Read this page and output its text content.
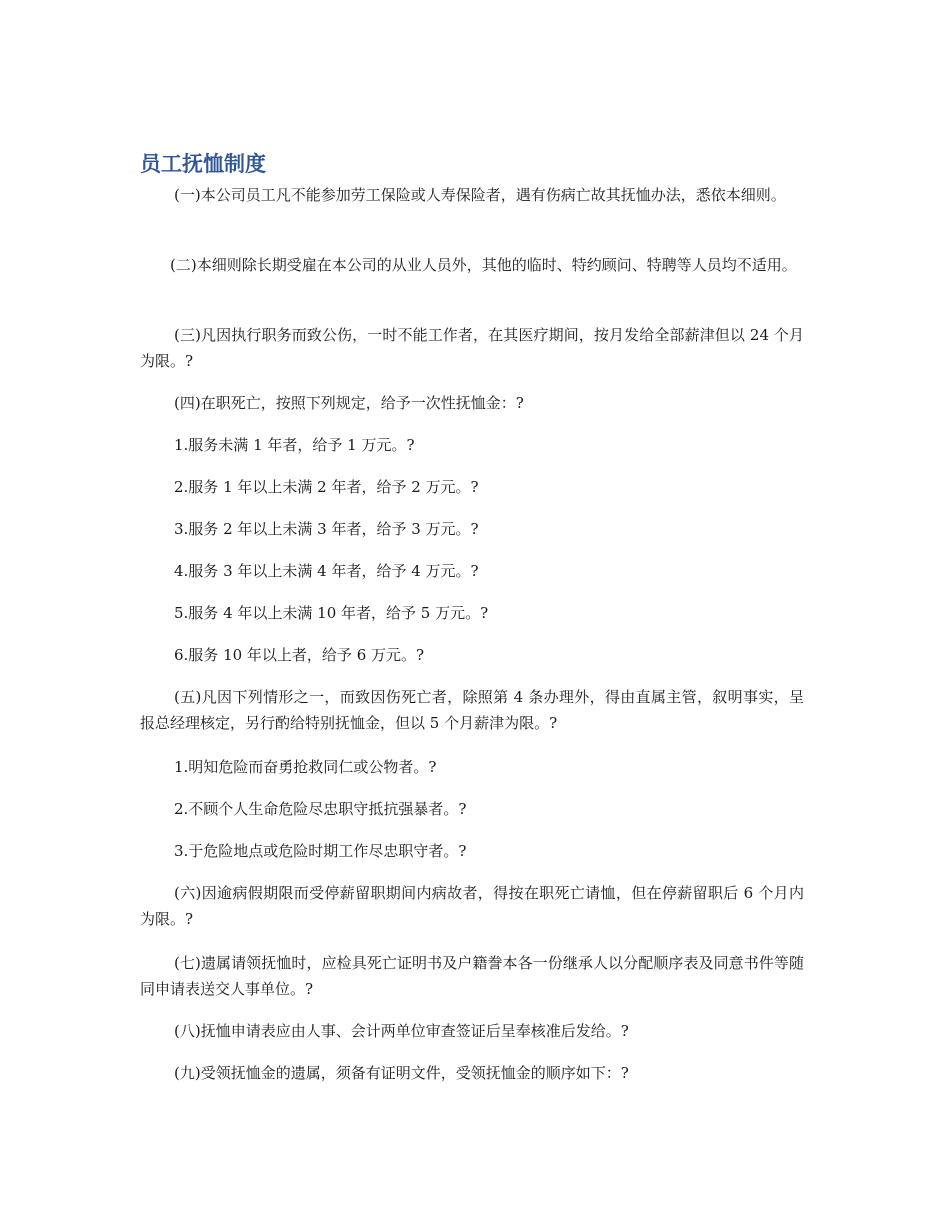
员工抚恤制度

(一)本公司员工凡不能参加劳工保险或人寿保险者，遇有伤病亡故其抚恤办法，悉依本细则。

(二)本细则除长期受雇在本公司的从业人员外，其他的临时、特约顾问、特聘等人员均不适用。

(三)凡因执行职务而致公伤，一时不能工作者，在其医疗期间，按月发给全部薪津但以 24 个月为限。?

(四)在职死亡，按照下列规定，给予一次性抚恤金：?

1.服务未满 1 年者，给予 1 万元。?

2.服务 1 年以上未满 2 年者，给予 2 万元。?

3.服务 2 年以上未满 3 年者，给予 3 万元。?

4.服务 3 年以上未满 4 年者，给予 4 万元。?

5.服务 4 年以上未满 10 年者，给予 5 万元。?

6.服务 10 年以上者，给予 6 万元。?

(五)凡因下列情形之一，而致因伤死亡者，除照第 4 条办理外，得由直属主管，叙明事实，呈报总经理核定，另行酌给特别抚恤金，但以 5 个月薪津为限。?

1.明知危险而奋勇抢救同仁或公物者。?

2.不顾个人生命危险尽忠职守抵抗强暴者。?

3.于危险地点或危险时期工作尽忠职守者。?

(六)因逾病假期限而受停薪留职期间内病故者，得按在职死亡请恤，但在停薪留职后 6 个月内为限。?

(七)遗属请领抚恤时，应检具死亡证明书及户籍誊本各一份继承人以分配顺序表及同意书件等随同申请表送交人事单位。?

(八)抚恤申请表应由人事、会计两单位审查签证后呈奉核准后发给。?

(九)受领抚恤金的遗属，须备有证明文件，受领抚恤金的顺序如下：?
